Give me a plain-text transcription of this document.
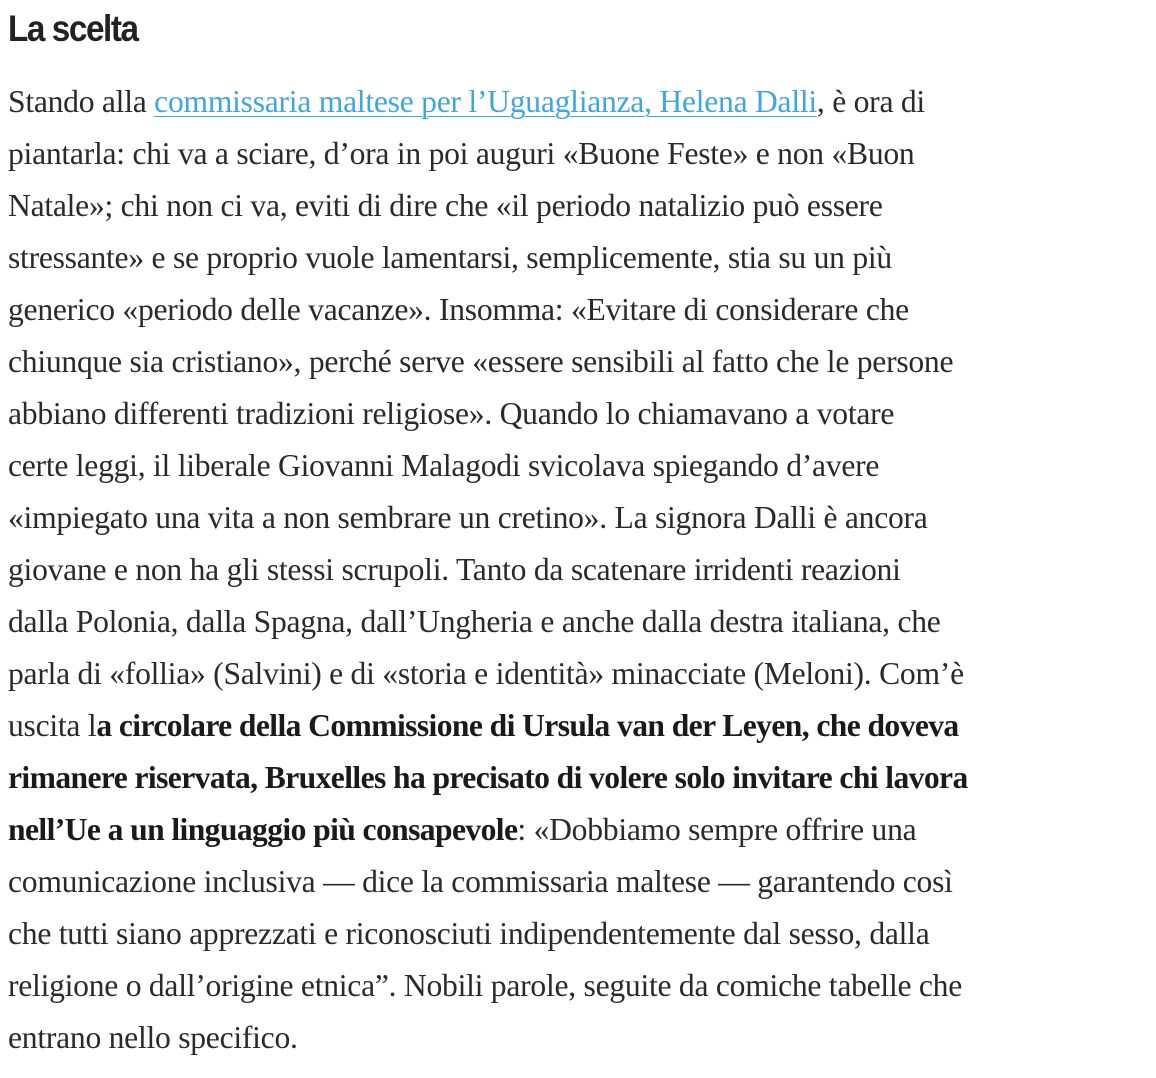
La scelta

Stando alla commissaria maltese per l’Uguaglianza, Helena Dalli, è ora di
piantarla: chi va a sciare, d’ora in poi auguri «Buone Feste» e non «Buon
Natale»; chi non ci va, eviti di dire che «il periodo natalizio può essere
stressante» e se proprio vuole lamentarsi, semplicemente, stia su un più
generico «periodo delle vacanze». Insomma: «Evitare di considerare che
chiunque sia cristiano», perché serve «essere sensibili al fatto che le persone
abbiano differenti tradizioni religiose». Quando lo chiamavano a votare
certe leggi, il liberale Giovanni Malagodi svicolava spiegando d’avere
«impiegato una vita a non sembrare un cretino». La signora Dalli è ancora
giovane e non ha gli stessi scrupoli. Tanto da scatenare irridenti reazioni
dalla Polonia, dalla Spagna, dall’Ungheria e anche dalla destra italiana, che
parla di «follia» (Salvini) e di «storia e identità» minacciate (Meloni). Com’è
uscita la circolare della Commissione di Ursula van der Leyen, che doveva
rimanere riservata, Bruxelles ha precisato di volere solo invitare chi lavora
nell’Ue a un linguaggio più consapevole: «Dobbiamo sempre offrire una
comunicazione inclusiva — dice la commissaria maltese — garantendo così
che tutti siano apprezzati e riconosciuti indipendentemente dal sesso, dalla
religione o dall’origine etnica”. Nobili parole, seguite da comiche tabelle che
entrano nello specifico.
